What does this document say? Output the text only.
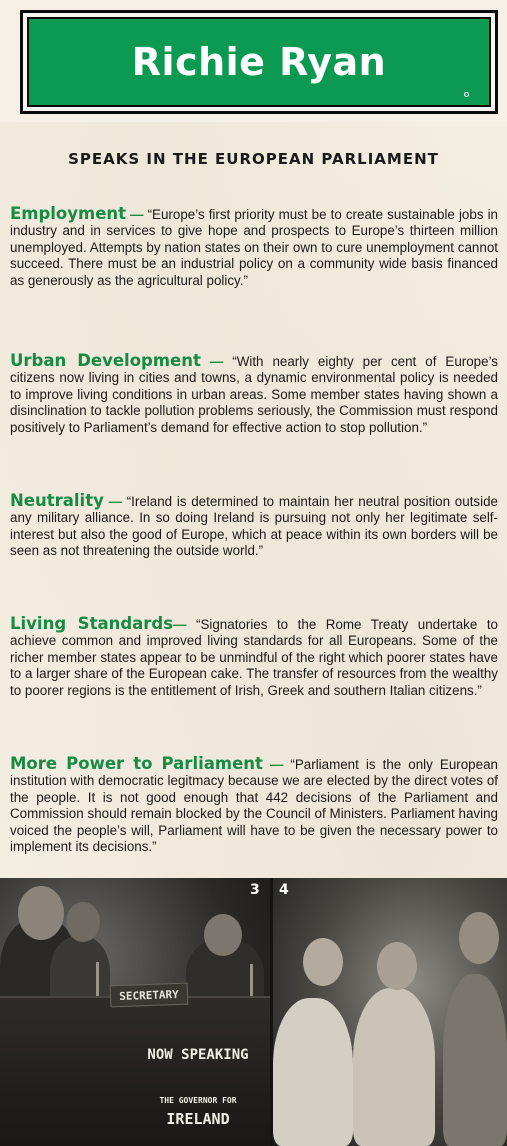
Richie Ryan
SPEAKS IN THE EUROPEAN PARLIAMENT
Employment — “Europe’s first priority must be to create sustainable jobs in industry and in services to give hope and prospects to Europe’s thirteen million unemployed. Attempts by nation states on their own to cure unemployment cannot succeed. There must be an industrial policy on a community wide basis financed as generously as the agricultural policy.”
Urban Development — “With nearly eighty per cent of Europe’s citizens now living in cities and towns, a dynamic environmental policy is needed to improve living conditions in urban areas. Some member states having shown a disinclination to tackle pollution problems seriously, the Commission must respond positively to Parliament’s demand for effective action to stop pollution.”
Neutrality — “Ireland is determined to maintain her neutral position outside any military alliance. In so doing Ireland is pursuing not only her legitimate self-interest but also the good of Europe, which at peace within its own borders will be seen as not threatening the outside world.”
Living Standards— “Signatories to the Rome Treaty undertake to achieve common and improved living standards for all Europeans. Some of the richer member states appear to be unmindful of the right which poorer states have to a larger share of the European cake. The transfer of resources from the wealthy to poorer regions is the entitlement of Irish, Greek and southern Italian citizens.”
More Power to Parliament — “Parliament is the only European institution with democratic legitmacy because we are elected by the direct votes of the people. It is not good enough that 442 decisions of the Parliament and Commission should remain blocked by the Council of Ministers. Parliament having voiced the people’s will, Parliament will have to be given the necessary power to implement its decisions.”
SECRETARY
NOW SPEAKING
THE GOVERNOR FOR
IRELAND
3 4
